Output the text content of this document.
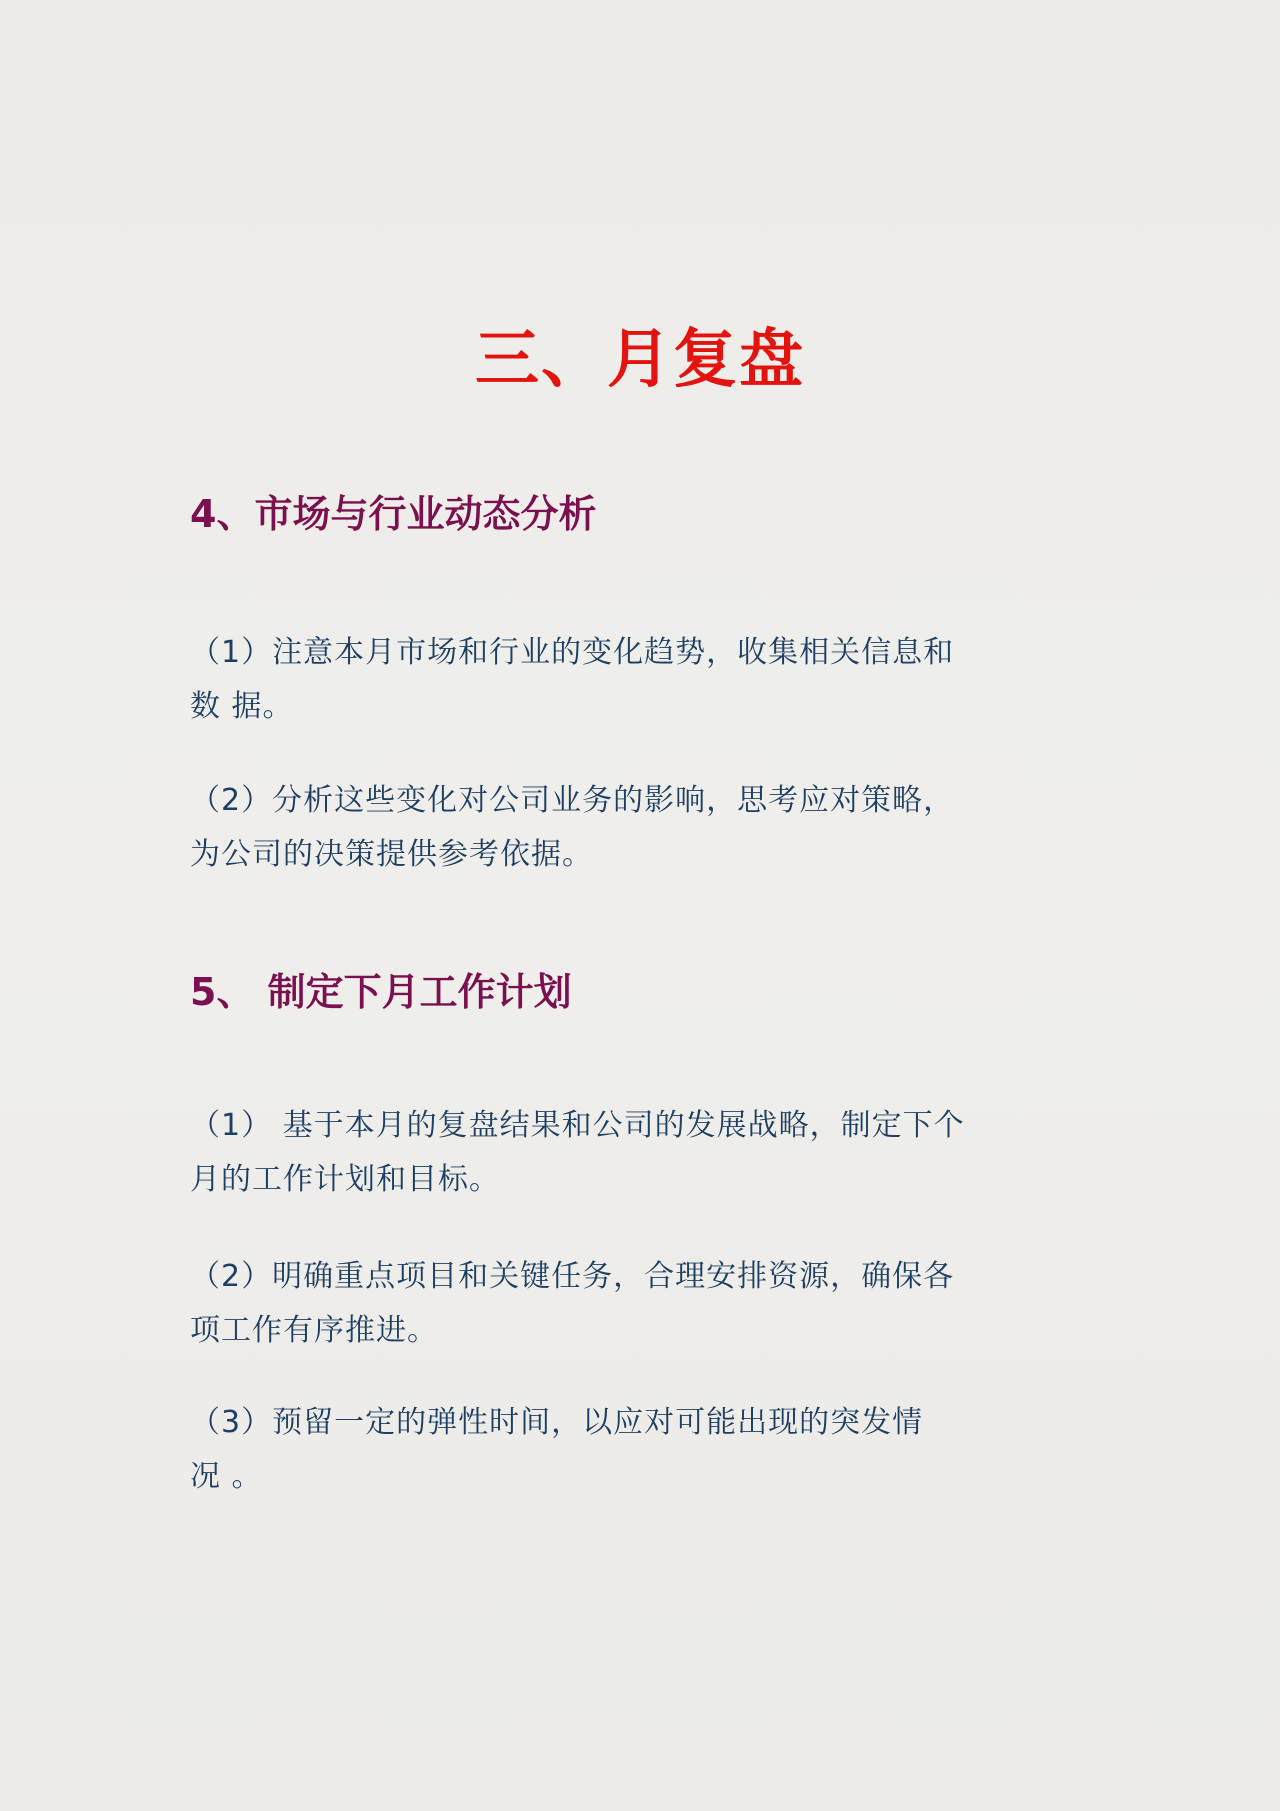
三、月复盘
4、市场与行业动态分析

（1）注意本月市场和行业的变化趋势，收集相关信息和
数 据。

（2）分析这些变化对公司业务的影响，思考应对策略，
为公司的决策提供参考依据。

5、 制定下月工作计划

（1） 基于本月的复盘结果和公司的发展战略，制定下个
月的工作计划和目标。

（2）明确重点项目和关键任务，合理安排资源，确保各
项工作有序推进。

（3）预留一定的弹性时间，以应对可能出现的突发情
况 。
